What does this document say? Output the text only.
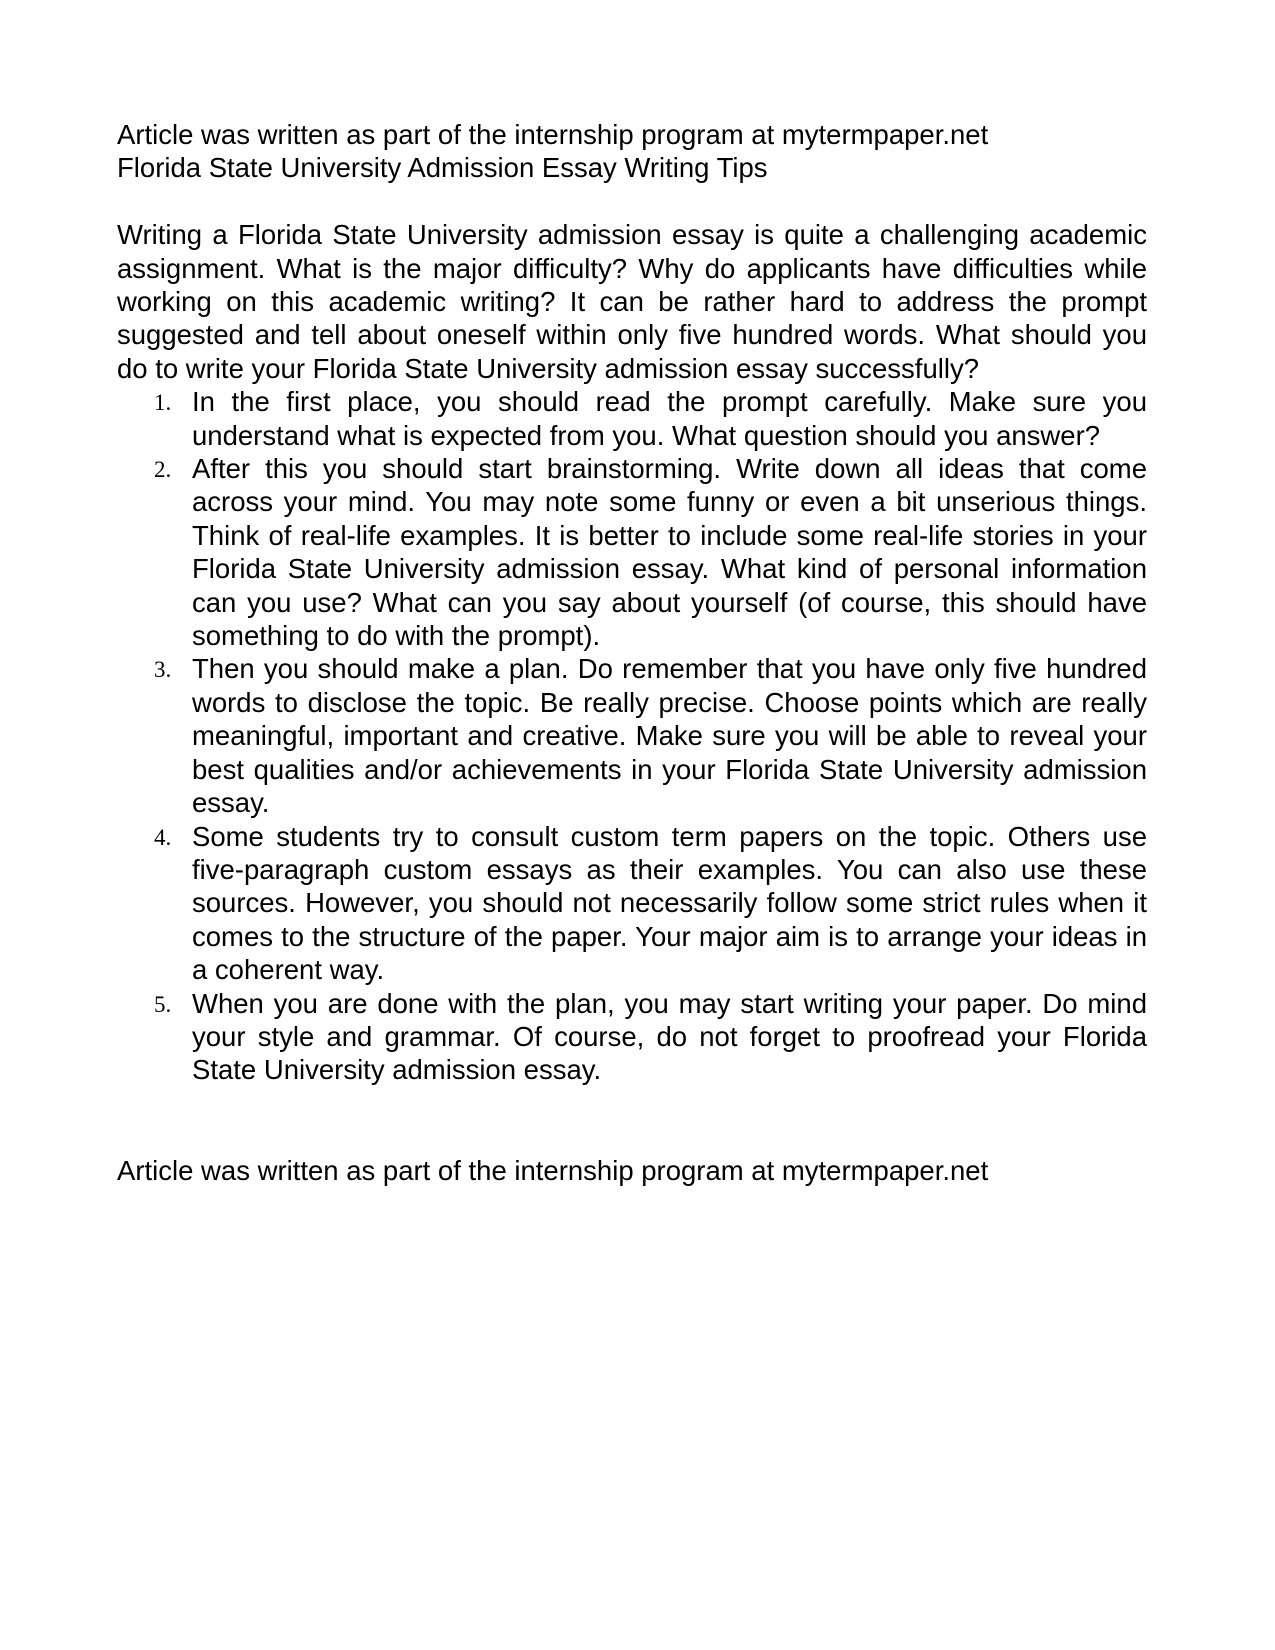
Article was written as part of the internship program at mytermpaper.net

Florida State University Admission Essay Writing Tips

Writing a Florida State University admission essay is quite a challenging academic assignment. What is the major difficulty? Why do applicants have difficulties while working on this academic writing? It can be rather hard to address the prompt suggested and tell about oneself within only five hundred words. What should you do to write your Florida State University admission essay successfully?

1. In the first place, you should read the prompt carefully. Make sure you understand what is expected from you. What question should you answer?
2. After this you should start brainstorming. Write down all ideas that come across your mind. You may note some funny or even a bit unserious things. Think of real-life examples. It is better to include some real-life stories in your Florida State University admission essay. What kind of personal information can you use? What can you say about yourself (of course, this should have something to do with the prompt).
3. Then you should make a plan. Do remember that you have only five hundred words to disclose the topic. Be really precise. Choose points which are really meaningful, important and creative. Make sure you will be able to reveal your best qualities and/or achievements in your Florida State University admission essay.
4. Some students try to consult custom term papers on the topic. Others use five-paragraph custom essays as their examples. You can also use these sources. However, you should not necessarily follow some strict rules when it comes to the structure of the paper. Your major aim is to arrange your ideas in a coherent way.
5. When you are done with the plan, you may start writing your paper. Do mind your style and grammar. Of course, do not forget to proofread your Florida State University admission essay.

Article was written as part of the internship program at mytermpaper.net
